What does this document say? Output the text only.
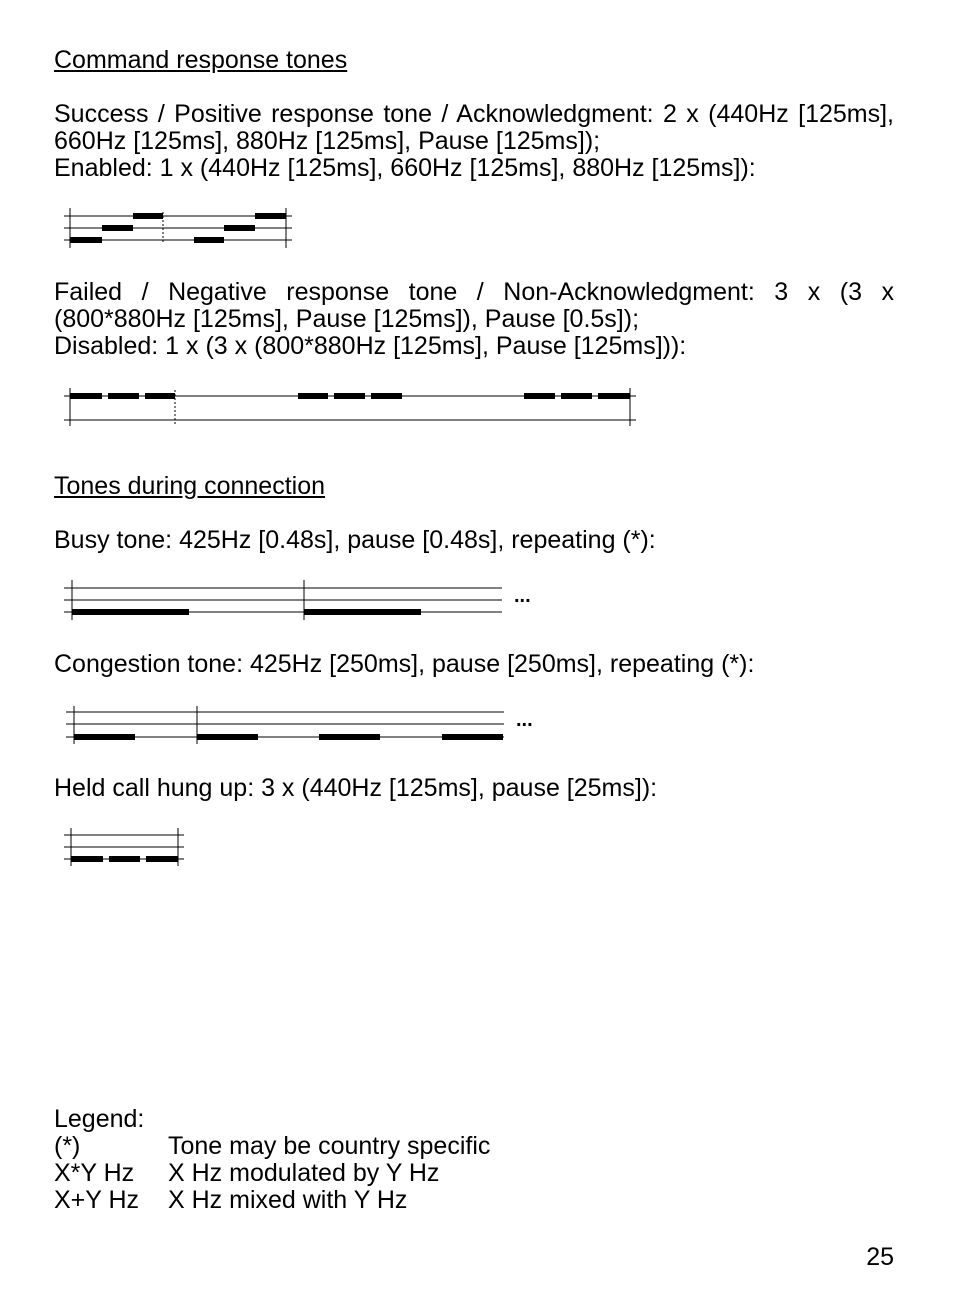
Command response tones

Success / Positive response tone / Acknowledgment: 2 x (440Hz [125ms], 660Hz [125ms], 880Hz [125ms], Pause [125ms]);

Enabled: 1 x (440Hz [125ms], 660Hz [125ms], 880Hz [125ms]):

Failed / Negative response tone / Non-Acknowledgment: 3 x (3 x (800*880Hz [125ms], Pause [125ms]), Pause [0.5s]);

Disabled: 1 x (3 x (800*880Hz [125ms], Pause [125ms])):

Tones during connection

Busy tone: 425Hz [0.48s], pause [0.48s], repeating (*):

Congestion tone: 425Hz [250ms], pause [250ms], repeating (*):

Held call hung up: 3 x (440Hz [125ms], pause [25ms]):

...
...
Legend:
(*)	Tone may be country specific
X*Y Hz	X Hz modulated by Y Hz
X+Y Hz	X Hz mixed with Y Hz
25
